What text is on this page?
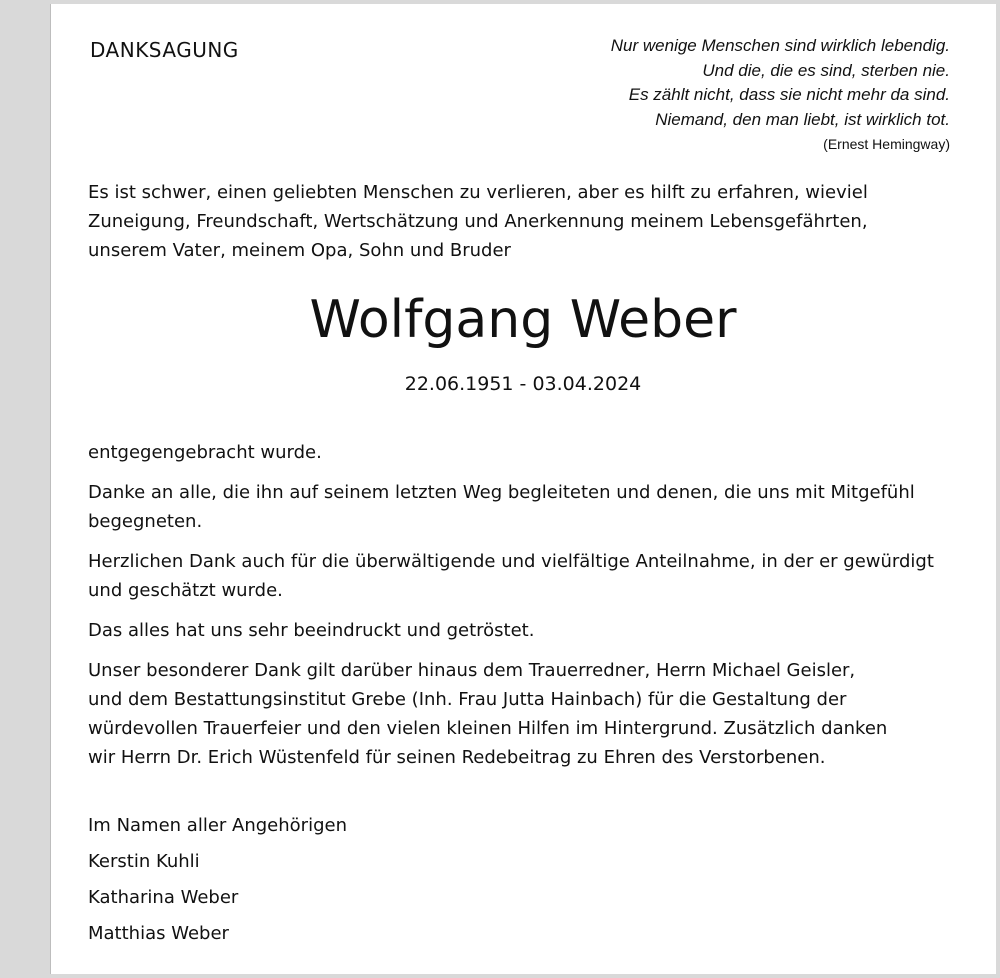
DANKSAGUNG	Nur wenige Menschen sind wirklich lebendig.
Und die, die es sind, sterben nie.
Es zählt nicht, dass sie nicht mehr da sind.
Niemand, den man liebt, ist wirklich tot.
(Ernest Hemingway)
Es ist schwer, einen geliebten Menschen zu verlieren, aber es hilft zu erfahren, wieviel
Zuneigung, Freundschaft, Wertschätzung und Anerkennung meinem Lebensgefährten,
unserem Vater, meinem Opa, Sohn und Bruder
Wolfgang Weber
22.06.1951 - 03.04.2024

entgegengebracht wurde.

Danke an alle, die ihn auf seinem letzten Weg begleiteten und denen, die uns mit Mitgefühl
begegneten.

Herzlichen Dank auch für die überwältigende und vielfältige Anteilnahme, in der er gewürdigt
und geschätzt wurde.

Das alles hat uns sehr beeindruckt und getröstet.

Unser besonderer Dank gilt darüber hinaus dem Trauerredner, Herrn Michael Geisler,
und dem Bestattungsinstitut Grebe (Inh. Frau Jutta Hainbach) für die Gestaltung der
würdevollen Trauerfeier und den vielen kleinen Hilfen im Hintergrund. Zusätzlich danken
wir Herrn Dr. Erich Wüstenfeld für seinen Redebeitrag zu Ehren des Verstorbenen.

Im Namen aller Angehörigen
Kerstin Kuhli
Katharina Weber
Matthias Weber
